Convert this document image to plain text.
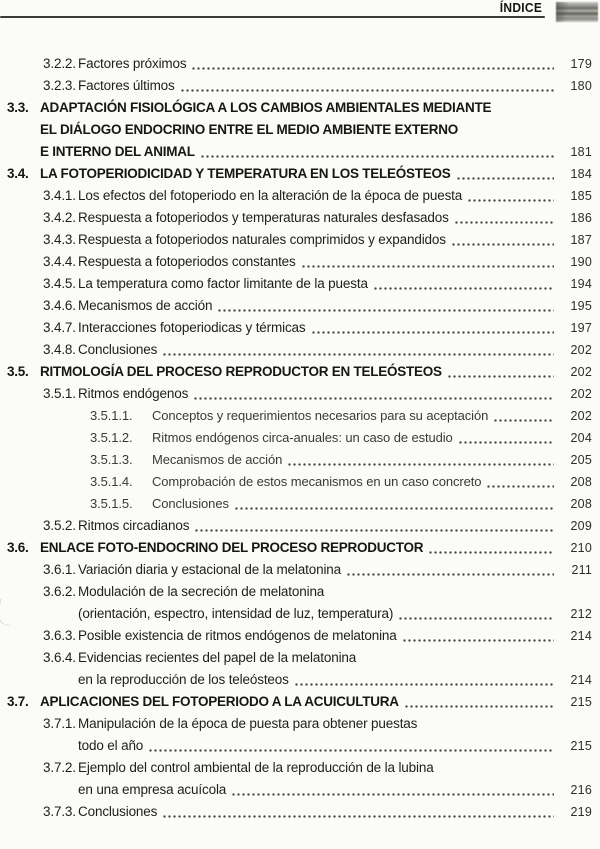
ÍNDICE
3.2.2. Factores próximos	179
3.2.3. Factores últimos	180
3.3. ADAPTACIÓN FISIOLÓGICA A LOS CAMBIOS AMBIENTALES MEDIANTE
EL DIÁLOGO ENDOCRINO ENTRE EL MEDIO AMBIENTE EXTERNO
E INTERNO DEL ANIMAL	181
3.4. LA FOTOPERIODICIDAD Y TEMPERATURA EN LOS TELEÓSTEOS	184
3.4.1. Los efectos del fotoperiodo en la alteración de la época de puesta	185
3.4.2. Respuesta a fotoperiodos y temperaturas naturales desfasados	186
3.4.3. Respuesta a fotoperiodos naturales comprimidos y expandidos	187
3.4.4. Respuesta a fotoperiodos constantes	190
3.4.5. La temperatura como factor limitante de la puesta	194
3.4.6. Mecanismos de acción	195
3.4.7. Interacciones fotoperiodicas y térmicas	197
3.4.8. Conclusiones	202
3.5. RITMOLOGÍA DEL PROCESO REPRODUCTOR EN TELEÓSTEOS	202
3.5.1. Ritmos endógenos	202
3.5.1.1.	Conceptos y requerimientos necesarios para su aceptación	202
3.5.1.2.	Ritmos endógenos circa-anuales: un caso de estudio	204
3.5.1.3.	Mecanismos de acción	205
3.5.1.4.	Comprobación de estos mecanismos en un caso concreto	208
3.5.1.5.	Conclusiones	208
3.5.2. Ritmos circadianos	209
3.6. ENLACE FOTO-ENDOCRINO DEL PROCESO REPRODUCTOR	210
3.6.1. Variación diaria y estacional de la melatonina	211
3.6.2. Modulación de la secreción de melatonina
(orientación, espectro, intensidad de luz, temperatura)	212
3.6.3. Posible existencia de ritmos endógenos de melatonina	214
3.6.4. Evidencias recientes del papel de la melatonina
en la reproducción de los teleósteos	214
3.7. APLICACIONES DEL FOTOPERIODO A LA ACUICULTURA	215
3.7.1. Manipulación de la época de puesta para obtener puestas
todo el año	215
3.7.2. Ejemplo del control ambiental de la reproducción de la lubina
en una empresa acuícola	216
3.7.3. Conclusiones	219
